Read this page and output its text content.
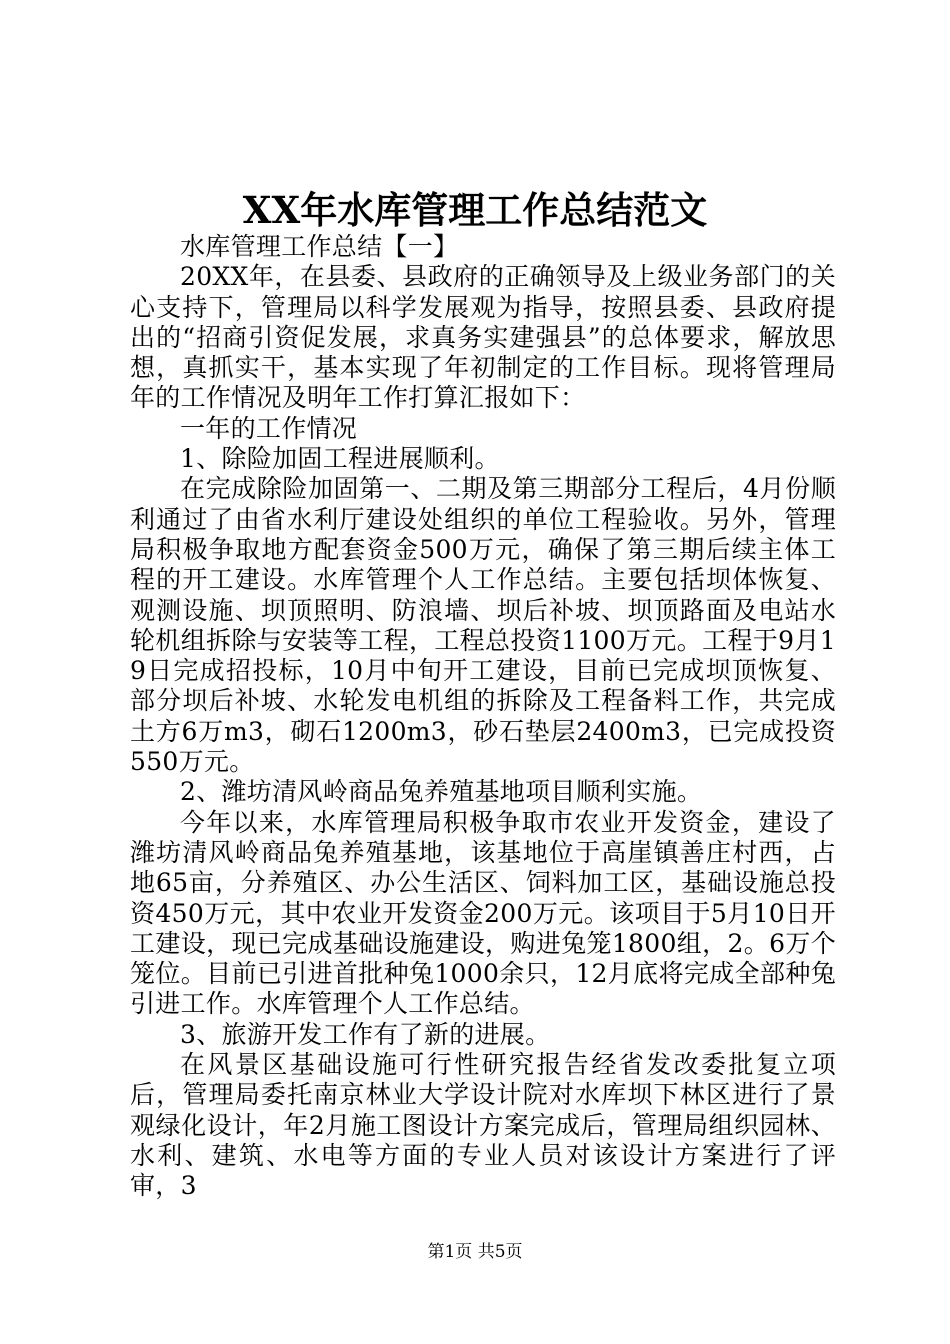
XX年水库管理工作总结范文

水库管理工作总结【一】

20XX年，在县委、县政府的正确领导及上级业务部门的关心支持下，管理局以科学发展观为指导，按照县委、县政府提出的“招商引资促发展，求真务实建强县”的总体要求，解放思想，真抓实干，基本实现了年初制定的工作目标。现将管理局年的工作情况及明年工作打算汇报如下：

一年的工作情况

1、除险加固工程进展顺利。

在完成除险加固第一、二期及第三期部分工程后，4月份顺利通过了由省水利厅建设处组织的单位工程验收。另外，管理局积极争取地方配套资金500万元，确保了第三期后续主体工程的开工建设。水库管理个人工作总结。主要包括坝体恢复、观测设施、坝顶照明、防浪墙、坝后补坡、坝顶路面及电站水轮机组拆除与安装等工程，工程总投资1100万元。工程于9月19日完成招投标，10月中旬开工建设，目前已完成坝顶恢复、部分坝后补坡、水轮发电机组的拆除及工程备料工作，共完成土方6万m3，砌石1200m3，砂石垫层2400m3，已完成投资550万元。

2、潍坊清风岭商品兔养殖基地项目顺利实施。

今年以来，水库管理局积极争取市农业开发资金，建设了潍坊清风岭商品兔养殖基地，该基地位于高崖镇善庄村西，占地65亩，分养殖区、办公生活区、饲料加工区，基础设施总投资450万元，其中农业开发资金200万元。该项目于5月10日开工建设，现已完成基础设施建设，购进兔笼1800组，2。6万个笼位。目前已引进首批种兔1000余只，12月底将完成全部种兔引进工作。水库管理个人工作总结。

3、旅游开发工作有了新的进展。

在风景区基础设施可行性研究报告经省发改委批复立项后，管理局委托南京林业大学设计院对水库坝下林区进行了景观绿化设计，年2月施工图设计方案完成后，管理局组织园林、水利、建筑、水电等方面的专业人员对该设计方案进行了评审，3

第1页 共5页
